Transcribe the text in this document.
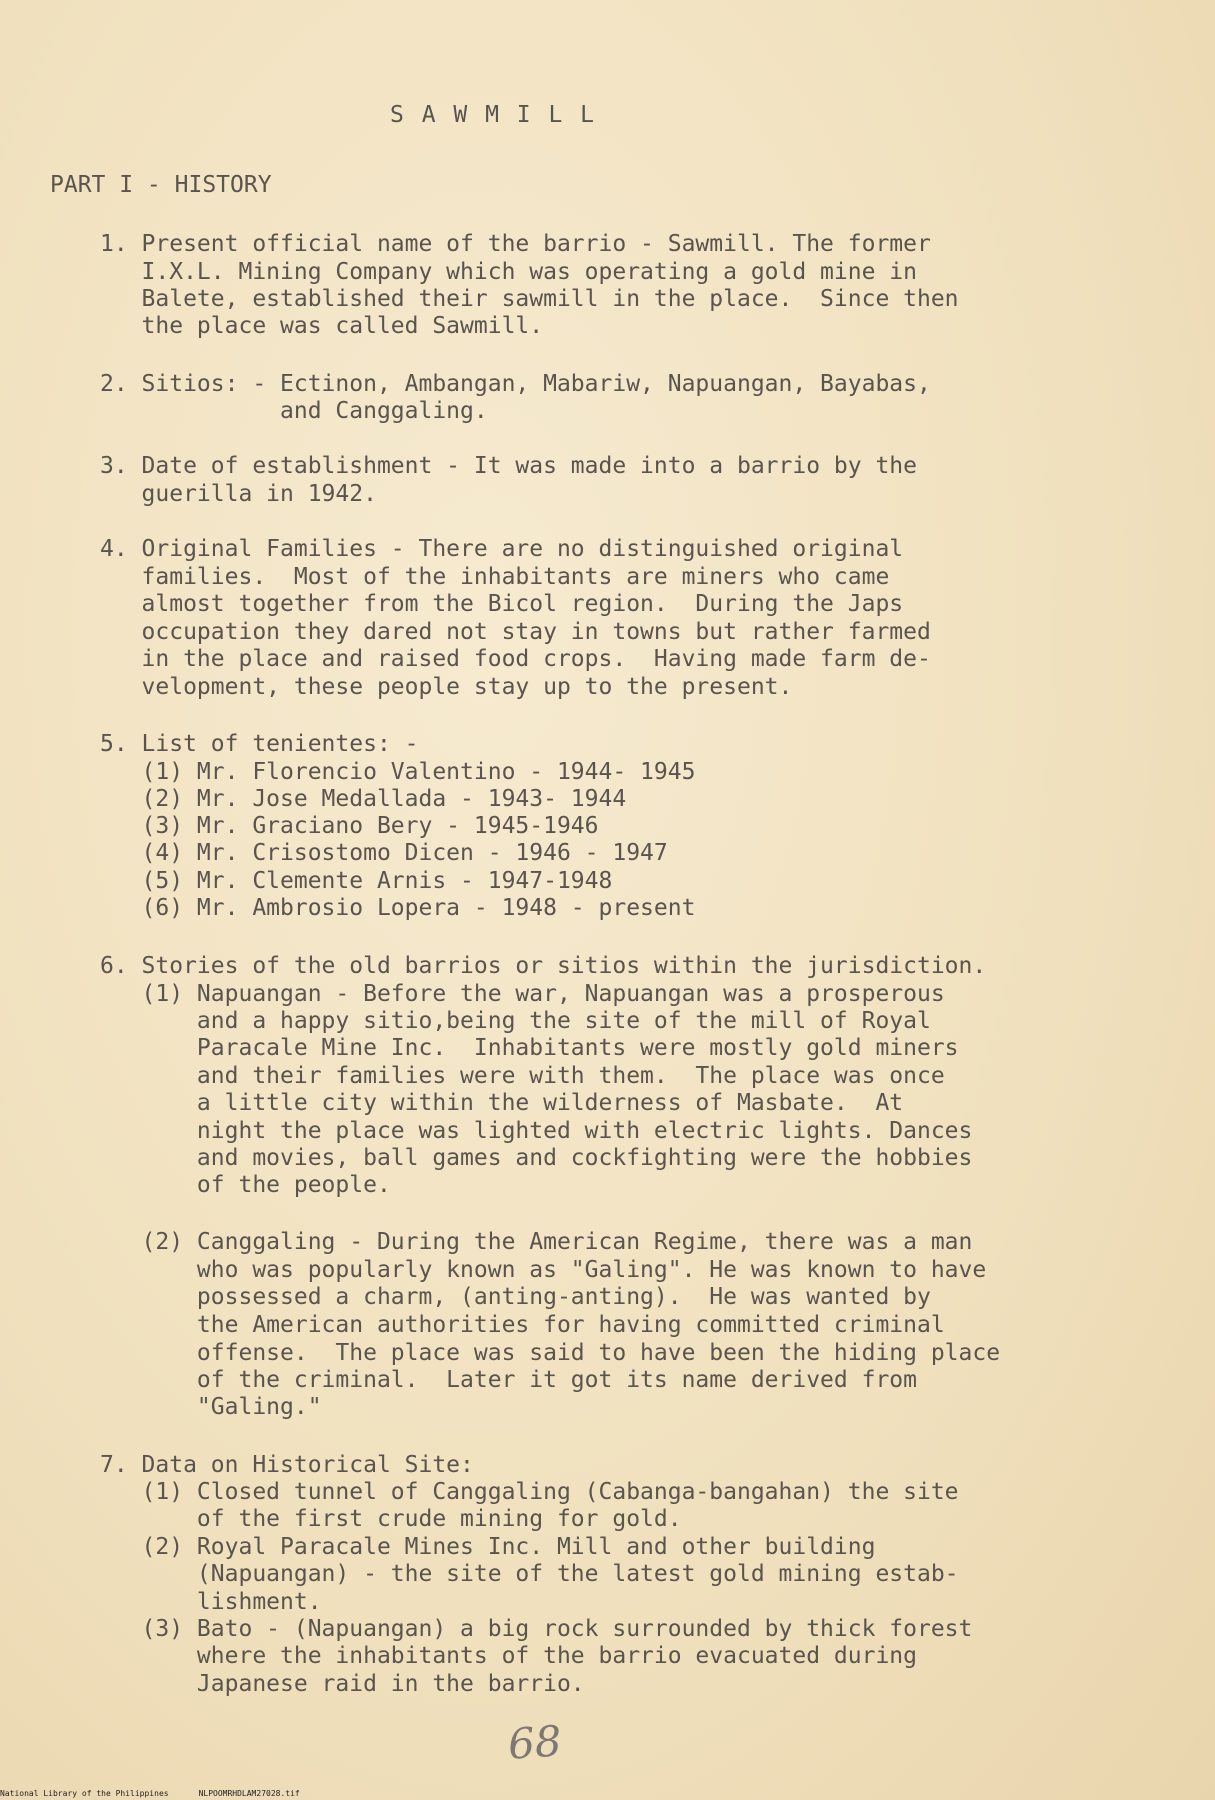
S A W M I L L
PART I - HISTORY
1. Present official name of the barrio - Sawmill. The former
I.X.L. Mining Company which was operating a gold mine in
Balete, established their sawmill in the place.  Since then
the place was called Sawmill.
2. Sitios: - Ectinon, Ambangan, Mabariw, Napuangan, Bayabas,
and Canggaling.
3. Date of establishment - It was made into a barrio by the
guerilla in 1942.
4. Original Families - There are no distinguished original
families.  Most of the inhabitants are miners who came
almost together from the Bicol region.  During the Japs
occupation they dared not stay in towns but rather farmed
in the place and raised food crops.  Having made farm de-
velopment, these people stay up to the present.
5. List of tenientes: -
(1) Mr. Florencio Valentino - 1944- 1945
(2) Mr. Jose Medallada - 1943- 1944
(3) Mr. Graciano Bery - 1945-1946
(4) Mr. Crisostomo Dicen - 1946 - 1947
(5) Mr. Clemente Arnis - 1947-1948
(6) Mr. Ambrosio Lopera - 1948 - present
6. Stories of the old barrios or sitios within the jurisdiction.
(1) Napuangan - Before the war, Napuangan was a prosperous
and a happy sitio,being the site of the mill of Royal
Paracale Mine Inc.  Inhabitants were mostly gold miners
and their families were with them.  The place was once
a little city within the wilderness of Masbate.  At
night the place was lighted with electric lights. Dances
and movies, ball games and cockfighting were the hobbies
of the people.
(2) Canggaling - During the American Regime, there was a man
who was popularly known as "Galing". He was known to have
possessed a charm, (anting-anting).  He was wanted by
the American authorities for having committed criminal
offense.  The place was said to have been the hiding place
of the criminal.  Later it got its name derived from
"Galing."
7. Data on Historical Site:
(1) Closed tunnel of Canggaling (Cabanga-bangahan) the site
of the first crude mining for gold.
(2) Royal Paracale Mines Inc. Mill and other building
(Napuangan) - the site of the latest gold mining estab-
lishment.
(3) Bato - (Napuangan) a big rock surrounded by thick forest
where the inhabitants of the barrio evacuated during
Japanese raid in the barrio.
68
National Library of the Philippines	NLPOOMRHDLAM27028.tif
